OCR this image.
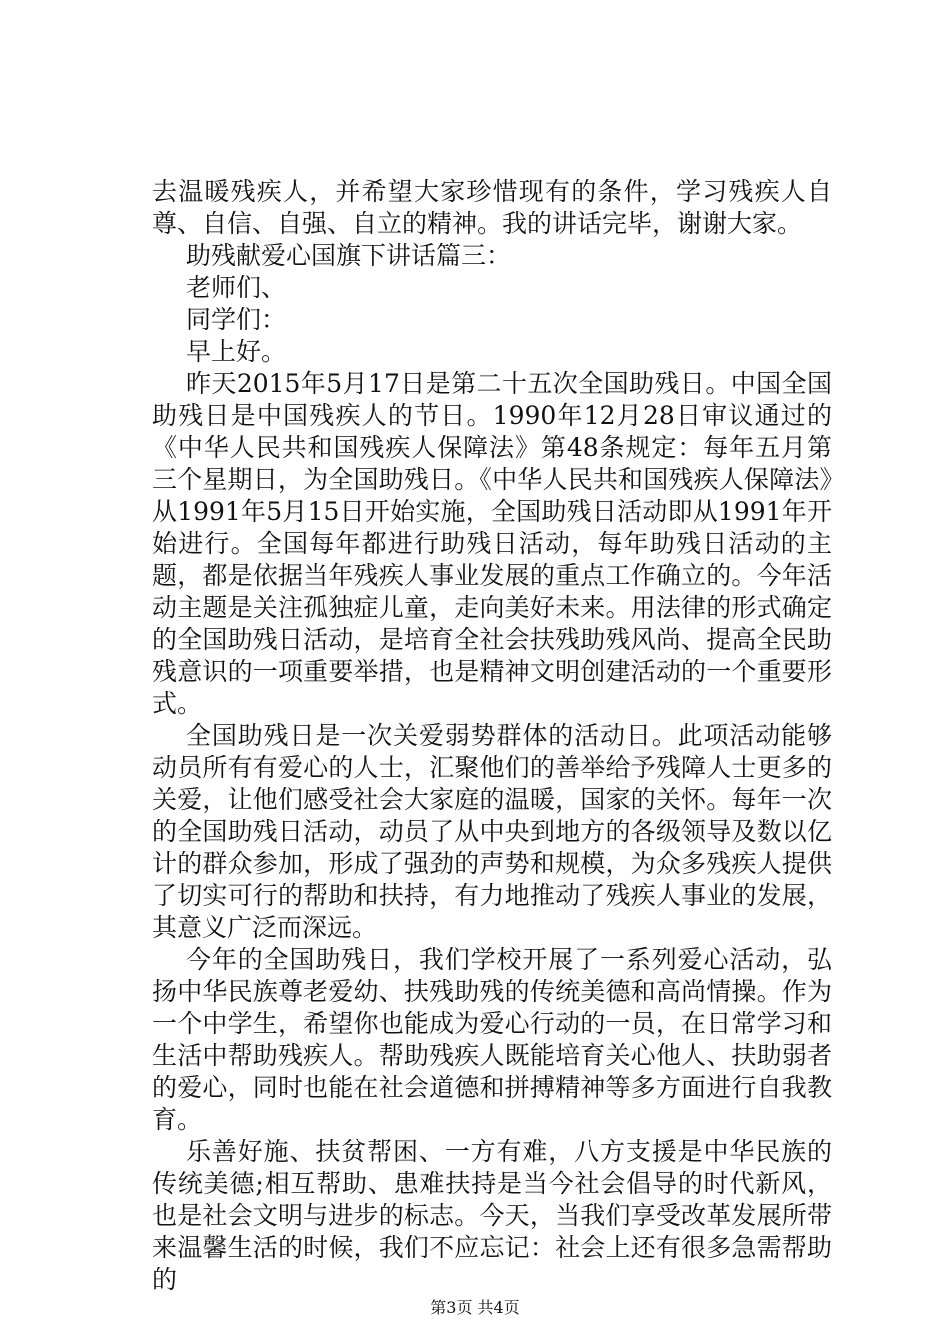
去温暖残疾人，并希望大家珍惜现有的条件，学习残疾人自尊、自信、自强、自立的精神。我的讲话完毕，谢谢大家。

助残献爱心国旗下讲话篇三：

老师们、

同学们：

早上好。

昨天2015年5月17日是第二十五次全国助残日。中国全国助残日是中国残疾人的节日。1990年12月28日审议通过的《中华人民共和国残疾人保障法》第48条规定：每年五月第三个星期日，为全国助残日。《中华人民共和国残疾人保障法》从1991年5月15日开始实施，全国助残日活动即从1991年开始进行。全国每年都进行助残日活动，每年助残日活动的主题，都是依据当年残疾人事业发展的重点工作确立的。今年活动主题是关注孤独症儿童，走向美好未来。用法律的形式确定的全国助残日活动，是培育全社会扶残助残风尚、提高全民助残意识的一项重要举措，也是精神文明创建活动的一个重要形式。

全国助残日是一次关爱弱势群体的活动日。此项活动能够动员所有有爱心的人士，汇聚他们的善举给予残障人士更多的关爱，让他们感受社会大家庭的温暖，国家的关怀。每年一次的全国助残日活动，动员了从中央到地方的各级领导及数以亿计的群众参加，形成了强劲的声势和规模，为众多残疾人提供了切实可行的帮助和扶持，有力地推动了残疾人事业的发展，其意义广泛而深远。

今年的全国助残日，我们学校开展了一系列爱心活动，弘扬中华民族尊老爱幼、扶残助残的传统美德和高尚情操。作为一个中学生，希望你也能成为爱心行动的一员，在日常学习和生活中帮助残疾人。帮助残疾人既能培育关心他人、扶助弱者的爱心，同时也能在社会道德和拼搏精神等多方面进行自我教育。

乐善好施、扶贫帮困、一方有难，八方支援是中华民族的传统美德;相互帮助、患难扶持是当今社会倡导的时代新风，也是社会文明与进步的标志。今天，当我们享受改革发展所带来温馨生活的时候，我们不应忘记：社会上还有很多急需帮助的

第3页 共4页
